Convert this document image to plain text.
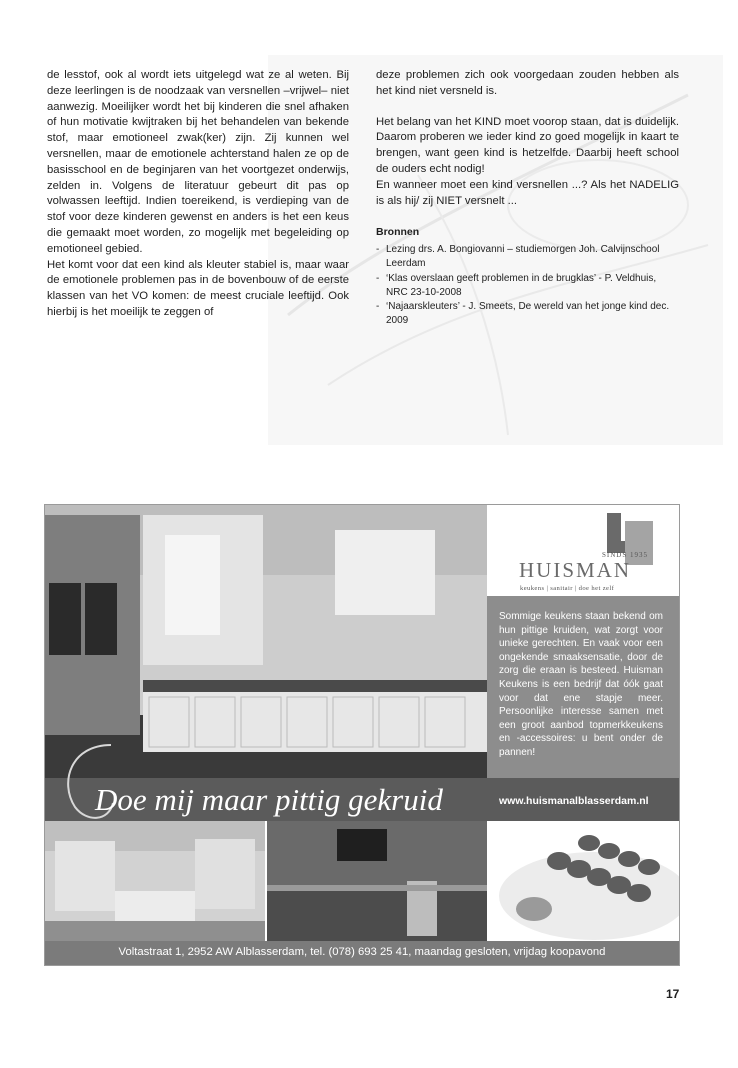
de lesstof, ook al wordt iets uitgelegd wat ze al weten. Bij deze leerlingen is de noodzaak van versnellen –vrijwel– niet aanwezig. Moeilijker wordt het bij kinderen die snel afhaken of hun motivatie kwijtraken bij het behandelen van bekende stof, maar emotioneel zwak(ker) zijn. Zij kunnen wel versnellen, maar de emotionele achterstand halen ze op de basisschool en de beginjaren van het voortgezet onderwijs, zelden in. Volgens de literatuur gebeurt dit pas op volwassen leeftijd. Indien toereikend, is verdieping van de stof voor deze kinderen gewenst en anders is het een keus die gemaakt moet worden, zo mogelijk met begeleiding op emotioneel gebied.

Het komt voor dat een kind als kleuter stabiel is, maar waar de emotionele problemen pas in de bovenbouw of de eerste klassen van het VO komen: de meest cruciale leeftijd. Ook hierbij is het moeilijk te zeggen of

deze problemen zich ook voorgedaan zouden hebben als het kind niet versneld is.

Het belang van het KIND moet voorop staan, dat is duidelijk. Daarom proberen we ieder kind zo goed mogelijk in kaart te brengen, want geen kind is hetzelfde. Daarbij heeft school de ouders echt nodig!

En wanneer moet een kind versnellen ...? Als het NADELIG is als hij/ zij NIET versnelt ...

Bronnen
- Lezing drs. A. Bongiovanni – studiemorgen Joh. Calvijnschool Leerdam
- ‘Klas overslaan geeft problemen in de brugklas’ - P. Veldhuis, NRC 23-10-2008
- ‘Najaarskleuters’ - J. Smeets, De wereld van het jonge kind dec. 2009
SINDS 1935
HUISMAN
keukens | sanitair | doe het zelf
Sommige keukens staan bekend om hun pittige kruiden, wat zorgt voor unieke gerechten. En vaak voor een ongekende smaaksensatie, door de zorg die eraan is besteed. Huisman Keukens is een bedrijf dat óók gaat voor dat ene stapje meer. Persoonlijke interesse samen met een groot aanbod topmerkkeukens en -accessoires: u bent onder de pannen!
Doe mij maar pittig gekruid	www.huismanalblasserdam.nl
Voltastraat 1, 2952 AW Alblasserdam, tel. (078) 693 25 41, maandag gesloten, vrijdag koopavond
17
